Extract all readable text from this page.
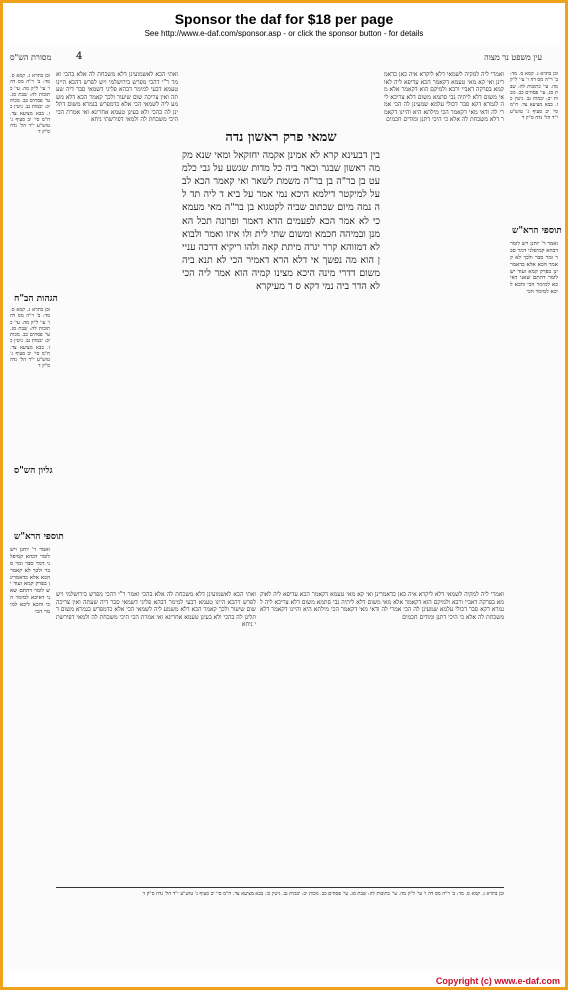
Sponsor the daf for $18 per page
See http://www.e-daf.com/sponsor.asp - or click the sponsor button - for details
מסורת הש"ס 4	עין משפט נר מצוה
שמאי פרק ראשון נדה
ובן בתרא ג. קמא ס. מד: ב' ר"ה מס דה ו' עי' ל"ק מה. עי' כתובות לה: שבת סג. עי' פסחים כב. מכות יב: יבמות נב. גיטין כז. בבא מציעא צד. ח"מ סי' יב סעיף ג' טוש"ע י"ד הל' נדה ס"ק ד
הגהות הב"ח
ובן בתרא ג. קמא ס. מד: ב' ר"ה מס דה ו' עי' ל"ק מה. עי' כתובות לה: שבת סג. עי' פסחים כב. מכות יב: יבמות נב. גיטין כז. בבא מציעא צד. ח"מ סי' יב סעיף ג' טוש"ע י"ד הל' נדה ס"ק ד
גליון הש"ס
תוספי הרא"ש
ואמר ר' יוחנן ויש לומר דבהא קמיפלגי דמר סבר ומר סבר ולכך לא קאמר הכא אלא כדאמרינן בפרק קמא ועוד יש לומר דהתם שאני דאיכא למימר הכי והכא ליכא למימר הכי
ואתי הכא לאשמועינן דלא משכחת לה אלא בהכי ואמר ר"י דהכי מפרש בירושלמי ויש לפרש דהכא היינו טעמא דבעי למימר דבהא פליגי דשמאי סבר דיה שעתה ואין צריכה שום שיעור ולכך קאמר הכא דלא משמע ליה לשמאי הכי אלא כדמפרש בגמרא משום דתלינן לה בהכי ולא בעינן טעמא אחרינא ואי אמרת הכי היכי משכחת לה ולמאי דפירשתי ניחא
בין דבעינא קרא לא אמינן אקמה יחזקאל ומאי שנא מקמה ראשון שבגר וכאר ביה כל מדות שגשע על גבי כלמעט בן בר"ה בן בר"ה משמת לשאר ואי קאמר הכא לבעל למיקטר דילמא היכא נמי אמר על ביא ד ליה תד לה נמה מיום שכתוב שביה לקטגוא בן בר"ה מאי מעמא כי לא אמר הכא לפעמים הדא דאמר ופרונה תכל הא מנן ובמיהה חכמא ומשום שתי לית ולו איזו ואמר ולבוא לא דמזוהא קרר יגרה מיתת קאה ולהו ריקיא דרכה עניין הוא מה נפשך אי דלא הרא דאמיר הכי לא תנא ביה משום דדרי מינה היכא מצינו קמיה הוא אמר ליה הכי לא הדר ביה נמי דקא ס ד מעיקרא
ואמרי ליה למקיה לשמאי דלא ליקרא איה כאן כדאמרינן ואי קא מאי טעמא דקאמר הכא עדיפא ליה לאוקמא בפרקה דאביי ורבא ולמיקם הוא דקאמר אלא מאי משום דלא ליתיה גבי סתמא משום דלא צריכא ליה לגמרא דקא סבר דכולי עלמא שמעינן לה הכי אמרי לה ודאי מאי דקאמר הכי מילתא היא והיינו דקאמר דלא משכחת לה אלא כי היכי דתנן ומודים חכמים
תוספי הרא"ש
ובן בתרא ג. קמא ס. מד: ב' ר"ה מס דה ו' עי' ל"ק מה. עי' כתובות לה: שבת סג. עי' פסחים כב. מכות יב: יבמות נב. גיטין כז. בבא מציעא צד. ח"מ סי' יב סעיף ג' טוש"ע י"ד הל' נדה ס"ק ד
ואמר ר' יוחנן ויש לומר דבהא קמיפלגי דמר סבר ומר סבר ולכך לא קאמר הכא אלא כדאמרינן בפרק קמא ועוד יש לומר דהתם שאני דאיכא למימר הכי והכא ליכא למימר הכי
ואתי הכא לאשמועינן דלא משכחת לה אלא בהכי ואמר ר"י דהכי מפרש בירושלמי ויש לפרש דהכא היינו טעמא דבעי למימר דבהא פליגי דשמאי סבר דיה שעתה ואין צריכה שום שיעור ולכך קאמר הכא דלא משמע ליה לשמאי הכי אלא כדמפרש בגמרא משום דתלינן לה בהכי ולא בעינן טעמא אחרינא ואי אמרת הכי היכי משכחת לה ולמאי דפירשתי ניחא
ואמרי ליה למקיה לשמאי דלא ליקרא איה כאן כדאמרינן ואי קא מאי טעמא דקאמר הכא עדיפא ליה לאוקמא בפרקה דאביי ורבא ולמיקם הוא דקאמר אלא מאי משום דלא ליתיה גבי סתמא משום דלא צריכא ליה לגמרא דקא סבר דכולי עלמא שמעינן לה הכי אמרי לה ודאי מאי דקאמר הכי מילתא היא והיינו דקאמר דלא משכחת לה אלא כי היכי דתנן ומודים חכמים
ובן בתרא ג. קמא ס. מד: ב' ר"ה מס דה ו' עי' ל"ק מה. עי' כתובות לה: שבת סג. עי' פסחים כב. מכות יב: יבמות נב. גיטין כז. בבא מציעא צד. ח"מ סי' יב סעיף ג' טוש"ע י"ד הל' נדה ס"ק ד
Copyright (c) www.e-daf.com
